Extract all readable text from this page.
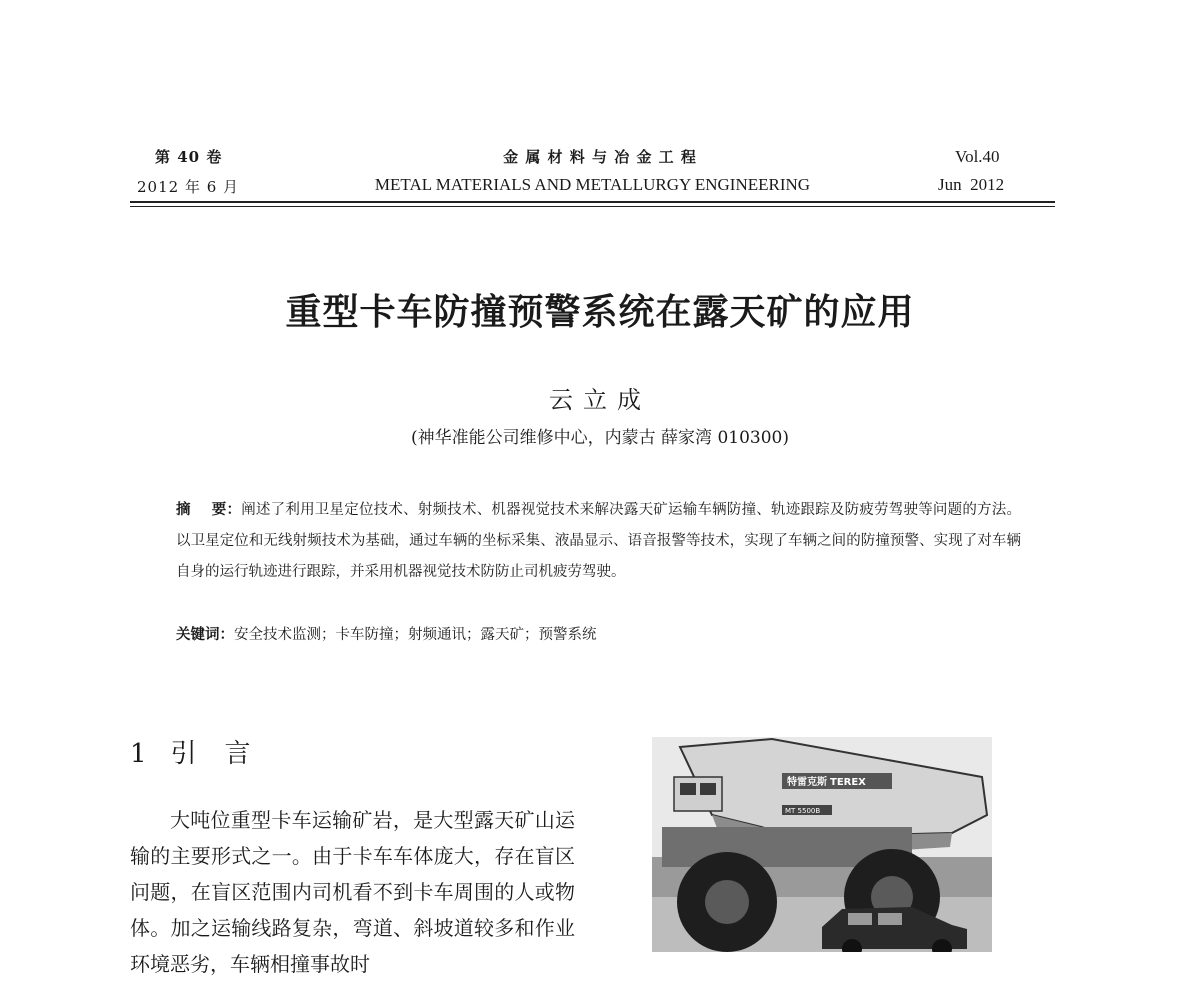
第 40 卷
2012 年 6 月
金 属 材 料 与 冶 金 工 程
METAL MATERIALS AND METALLURGY ENGINEERING
Vol.40
Jun  2012
重型卡车防撞预警系统在露天矿的应用
云立成
(神华准能公司维修中心，内蒙古 薛家湾 010300)
摘    要：阐述了利用卫星定位技术、射频技术、机器视觉技术来解决露天矿运输车辆防撞、轨迹跟踪及防疲劳驾驶等问题的方法。以卫星定位和无线射频技术为基础，通过车辆的坐标采集、液晶显示、语音报警等技术，实现了车辆之间的防撞预警、实现了对车辆自身的运行轨迹进行跟踪，并采用机器视觉技术防防止司机疲劳驾驶。
关键词：安全技术监测；卡车防撞；射频通讯；露天矿；预警系统
1 引言

大吨位重型卡车运输矿岩，是大型露天矿山运输的主要形式之一。由于卡车车体庞大，存在盲区问题，在盲区范围内司机看不到卡车周围的人或物体。加之运输线路复杂，弯道、斜坡道较多和作业环境恶劣，车辆相撞事故时

特雷克斯 TEREX
MT 5500B
